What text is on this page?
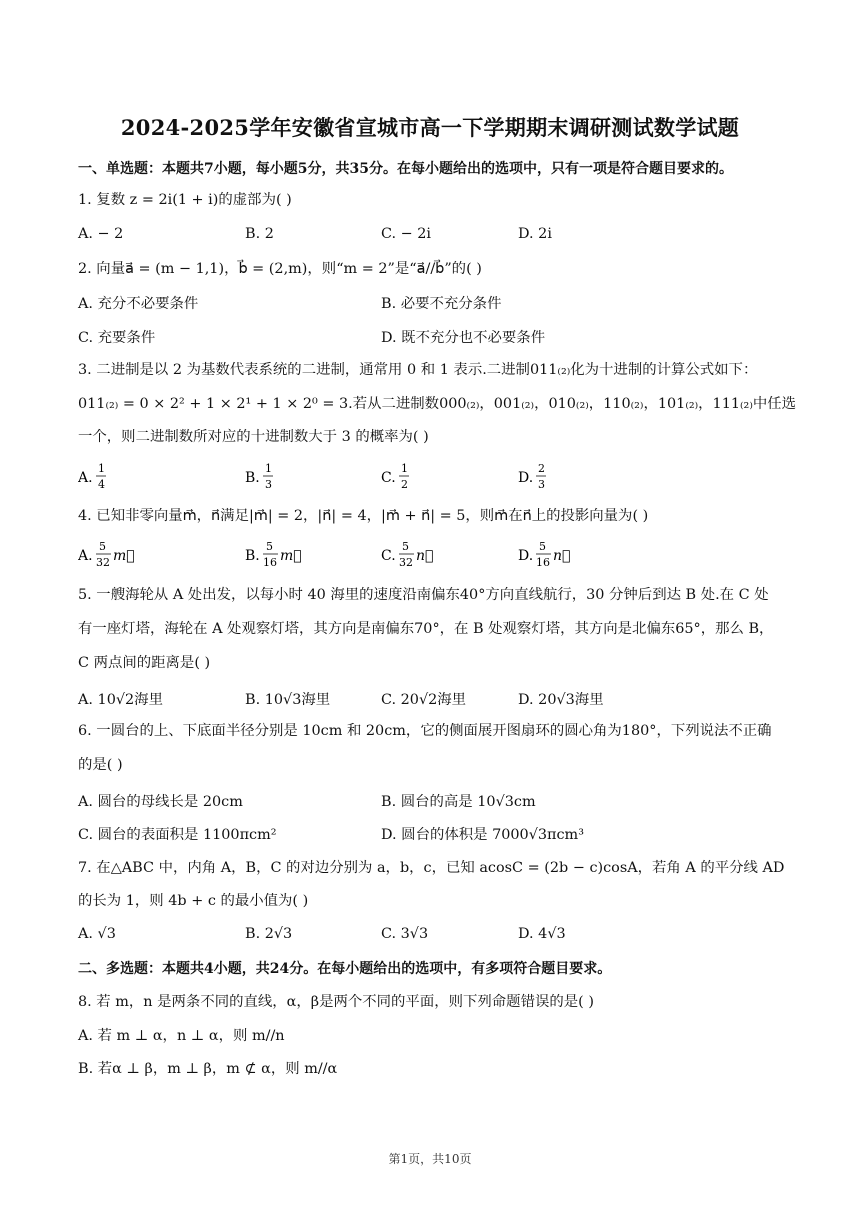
2024-2025学年安徽省宣城市高一下学期期末调研测试数学试题
一、单选题：本题共7小题，每小题5分，共35分。在每小题给出的选项中，只有一项是符合题目要求的。
1. 复数 z = 2i(1 + i)的虚部为( )
A. − 2	B. 2	C. − 2i	D. 2i
2. 向量a⃗ = (m − 1,1)，b⃗ = (2,m)，则“m = 2”是“a⃗//b⃗”的( )
A. 充分不必要条件	B. 必要不充分条件
C. 充要条件	D. 既不充分也不必要条件
3. 二进制是以 2 为基数代表系统的二进制，通常用 0 和 1 表示.二进制011₍₂₎化为十进制的计算公式如下：
011₍₂₎ = 0 × 2² + 1 × 2¹ + 1 × 2⁰ = 3.若从二进制数000₍₂₎，001₍₂₎，010₍₂₎，110₍₂₎，101₍₂₎，111₍₂₎中任选
一个，则二进制数所对应的十进制数大于 3 的概率为( )
A.
1
4	B.
1
3	C.
1
2	D.
2
3
4. 已知非零向量m⃗，n⃗满足|m⃗| = 2，|n⃗| = 4，|m⃗ + n⃗| = 5，则m⃗在n⃗上的投影向量为( )
A.
5
32 m⃗	B.
5
16 m⃗	C.
5
32 n⃗	D.
5
16 n⃗
5. 一艘海轮从 A 处出发，以每小时 40 海里的速度沿南偏东40°方向直线航行，30 分钟后到达 B 处.在 C 处
有一座灯塔，海轮在 A 处观察灯塔，其方向是南偏东70°，在 B 处观察灯塔，其方向是北偏东65°，那么 B，
C 两点间的距离是( )
A. 10√2海里	B. 10√3海里	C. 20√2海里	D. 20√3海里
6. 一圆台的上、下底面半径分别是 10cm 和 20cm，它的侧面展开图扇环的圆心角为180°，下列说法不正确
的是( )
A. 圆台的母线长是 20cm	B. 圆台的高是 10√3cm
C. 圆台的表面积是 1100πcm²	D. 圆台的体积是 7000√3πcm³
7. 在△ABC 中，内角 A，B，C 的对边分别为 a，b，c，已知 acosC = (2b − c)cosA，若角 A 的平分线 AD
的长为 1，则 4b + c 的最小值为( )
A. √3	B. 2√3	C. 3√3	D. 4√3
二、多选题：本题共4小题，共24分。在每小题给出的选项中，有多项符合题目要求。
8. 若 m，n 是两条不同的直线，α，β是两个不同的平面，则下列命题错误的是( )
A. 若 m ⊥ α，n ⊥ α，则 m//n
B. 若α ⊥ β，m ⊥ β，m ⊄ α，则 m//α
第1页，共10页
